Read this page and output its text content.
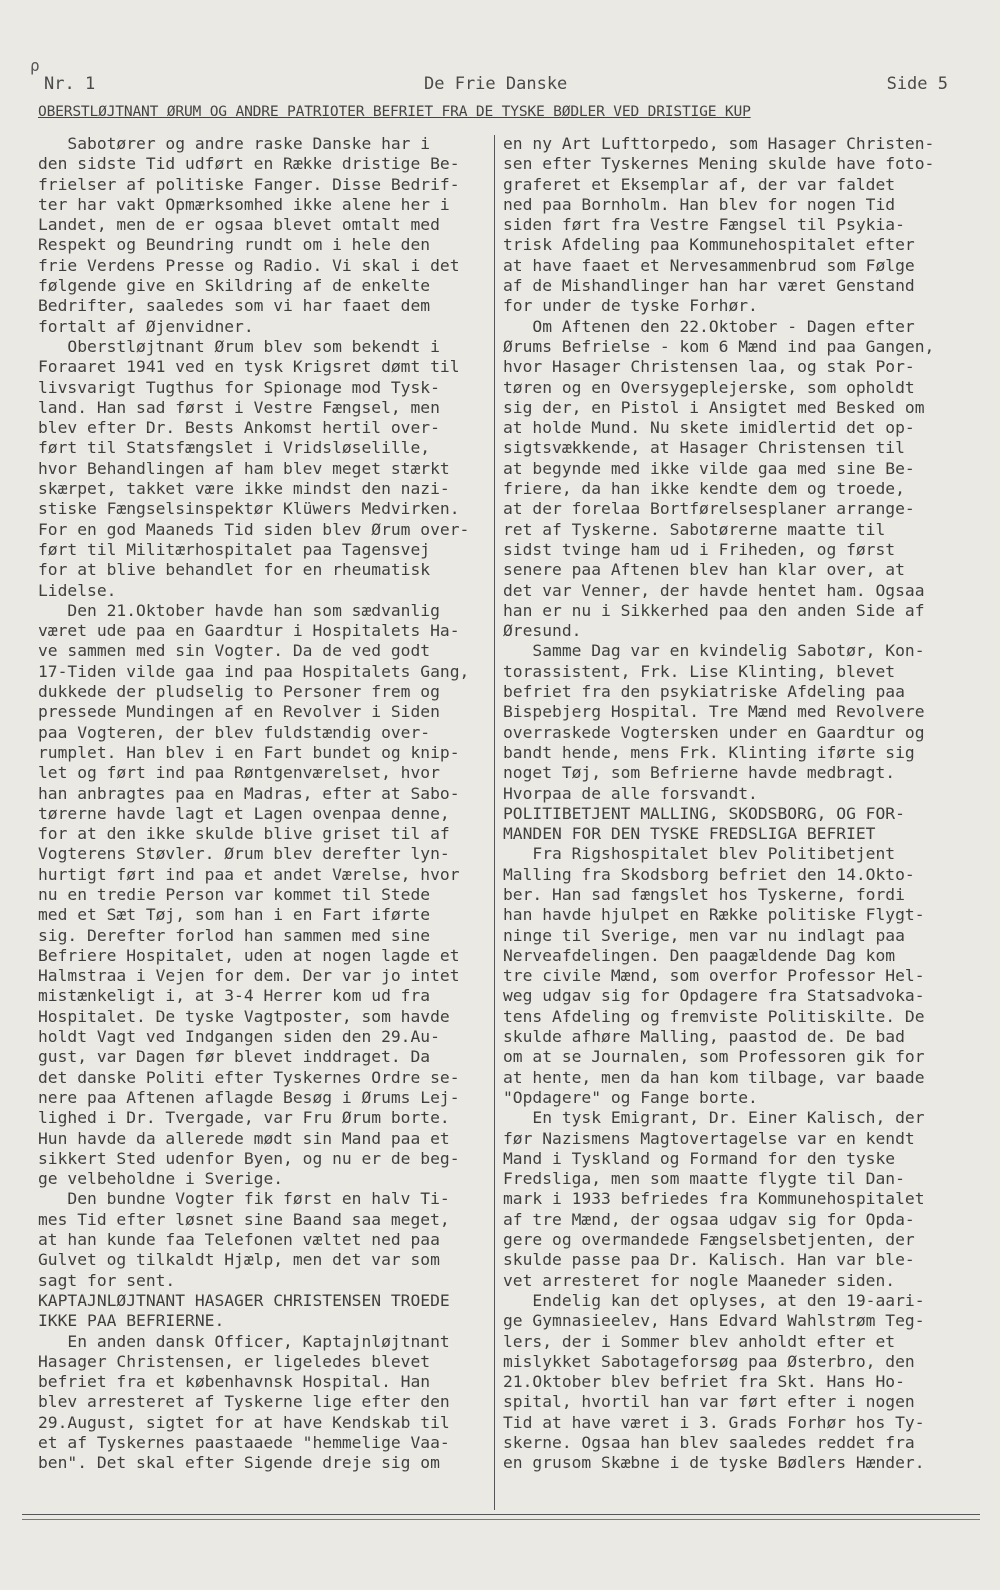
ρ
Nr. 1	De Frie Danske	Side 5
OBERSTLØJTNANT ØRUM OG ANDRE PATRIOTER BEFRIET FRA DE TYSKE BØDLER VED DRISTIGE KUP
Sabotører og andre raske Danske har i
den sidste Tid udført en Række dristige Be-
frielser af politiske Fanger. Disse Bedrif-
ter har vakt Opmærksomhed ikke alene her i
Landet, men de er ogsaa blevet omtalt med
Respekt og Beundring rundt om i hele den
frie Verdens Presse og Radio. Vi skal i det
følgende give en Skildring af de enkelte
Bedrifter, saaledes som vi har faaet dem
fortalt af Øjenvidner.
Oberstløjtnant Ørum blev som bekendt i
Foraaret 1941 ved en tysk Krigsret dømt til
livsvarigt Tugthus for Spionage mod Tysk-
land. Han sad først i Vestre Fængsel, men
blev efter Dr. Bests Ankomst hertil over-
ført til Statsfængslet i Vridsløselille,
hvor Behandlingen af ham blev meget stærkt
skærpet, takket være ikke mindst den nazi-
stiske Fængselsinspektør Klüwers Medvirken.
For en god Maaneds Tid siden blev Ørum over-
ført til Militærhospitalet paa Tagensvej
for at blive behandlet for en rheumatisk
Lidelse.
Den 21.Oktober havde han som sædvanlig
været ude paa en Gaardtur i Hospitalets Ha-
ve sammen med sin Vogter. Da de ved godt
17-Tiden vilde gaa ind paa Hospitalets Gang,
dukkede der pludselig to Personer frem og
pressede Mundingen af en Revolver i Siden
paa Vogteren, der blev fuldstændig over-
rumplet. Han blev i en Fart bundet og knip-
let og ført ind paa Røntgenværelset, hvor
han anbragtes paa en Madras, efter at Sabo-
tørerne havde lagt et Lagen ovenpaa denne,
for at den ikke skulde blive griset til af
Vogterens Støvler. Ørum blev derefter lyn-
hurtigt ført ind paa et andet Værelse, hvor
nu en tredie Person var kommet til Stede
med et Sæt Tøj, som han i en Fart iførte
sig. Derefter forlod han sammen med sine
Befriere Hospitalet, uden at nogen lagde et
Halmstraa i Vejen for dem. Der var jo intet
mistænkeligt i, at 3-4 Herrer kom ud fra
Hospitalet. De tyske Vagtposter, som havde
holdt Vagt ved Indgangen siden den 29.Au-
gust, var Dagen før blevet inddraget. Da
det danske Politi efter Tyskernes Ordre se-
nere paa Aftenen aflagde Besøg i Ørums Lej-
lighed i Dr. Tvergade, var Fru Ørum borte.
Hun havde da allerede mødt sin Mand paa et
sikkert Sted udenfor Byen, og nu er de beg-
ge velbeholdne i Sverige.
Den bundne Vogter fik først en halv Ti-
mes Tid efter løsnet sine Baand saa meget,
at han kunde faa Telefonen væltet ned paa
Gulvet og tilkaldt Hjælp, men det var som
sagt for sent.
KAPTAJNLØJTNANT HASAGER CHRISTENSEN TROEDE
IKKE PAA BEFRIERNE.
En anden dansk Officer, Kaptajnløjtnant
Hasager Christensen, er ligeledes blevet
befriet fra et københavnsk Hospital. Han
blev arresteret af Tyskerne lige efter den
29.August, sigtet for at have Kendskab til
et af Tyskernes paastaaede "hemmelige Vaa-
ben". Det skal efter Sigende dreje sig om
en ny Art Lufttorpedo, som Hasager Christen-
sen efter Tyskernes Mening skulde have foto-
graferet et Eksemplar af, der var faldet
ned paa Bornholm. Han blev for nogen Tid
siden ført fra Vestre Fængsel til Psykia-
trisk Afdeling paa Kommunehospitalet efter
at have faaet et Nervesammenbrud som Følge
af de Mishandlinger han har været Genstand
for under de tyske Forhør.
Om Aftenen den 22.Oktober - Dagen efter
Ørums Befrielse - kom 6 Mænd ind paa Gangen,
hvor Hasager Christensen laa, og stak Por-
tøren og en Oversygeplejerske, som opholdt
sig der, en Pistol i Ansigtet med Besked om
at holde Mund. Nu skete imidlertid det op-
sigtsvækkende, at Hasager Christensen til
at begynde med ikke vilde gaa med sine Be-
friere, da han ikke kendte dem og troede,
at der forelaa Bortførelsesplaner arrange-
ret af Tyskerne. Sabotørerne maatte til
sidst tvinge ham ud i Friheden, og først
senere paa Aftenen blev han klar over, at
det var Venner, der havde hentet ham. Ogsaa
han er nu i Sikkerhed paa den anden Side af
Øresund.
Samme Dag var en kvindelig Sabotør, Kon-
torassistent, Frk. Lise Klinting, blevet
befriet fra den psykiatriske Afdeling paa
Bispebjerg Hospital. Tre Mænd med Revolvere
overraskede Vogtersken under en Gaardtur og
bandt hende, mens Frk. Klinting iførte sig
noget Tøj, som Befrierne havde medbragt.
Hvorpaa de alle forsvandt.
POLITIBETJENT MALLING, SKODSBORG, OG FOR-
MANDEN FOR DEN TYSKE FREDSLIGA BEFRIET
Fra Rigshospitalet blev Politibetjent
Malling fra Skodsborg befriet den 14.Okto-
ber. Han sad fængslet hos Tyskerne, fordi
han havde hjulpet en Række politiske Flygt-
ninge til Sverige, men var nu indlagt paa
Nerveafdelingen. Den paagældende Dag kom
tre civile Mænd, som overfor Professor Hel-
weg udgav sig for Opdagere fra Statsadvoka-
tens Afdeling og fremviste Politiskilte. De
skulde afhøre Malling, paastod de. De bad
om at se Journalen, som Professoren gik for
at hente, men da han kom tilbage, var baade
"Opdagere" og Fange borte.
En tysk Emigrant, Dr. Einer Kalisch, der
før Nazismens Magtovertagelse var en kendt
Mand i Tyskland og Formand for den tyske
Fredsliga, men som maatte flygte til Dan-
mark i 1933 befriedes fra Kommunehospitalet
af tre Mænd, der ogsaa udgav sig for Opda-
gere og overmandede Fængselsbetjenten, der
skulde passe paa Dr. Kalisch. Han var ble-
vet arresteret for nogle Maaneder siden.
Endelig kan det oplyses, at den 19-aari-
ge Gymnasieelev, Hans Edvard Wahlstrøm Teg-
lers, der i Sommer blev anholdt efter et
mislykket Sabotageforsøg paa Østerbro, den
21.Oktober blev befriet fra Skt. Hans Ho-
spital, hvortil han var ført efter i nogen
Tid at have været i 3. Grads Forhør hos Ty-
skerne. Ogsaa han blev saaledes reddet fra
en grusom Skæbne i de tyske Bødlers Hænder.
